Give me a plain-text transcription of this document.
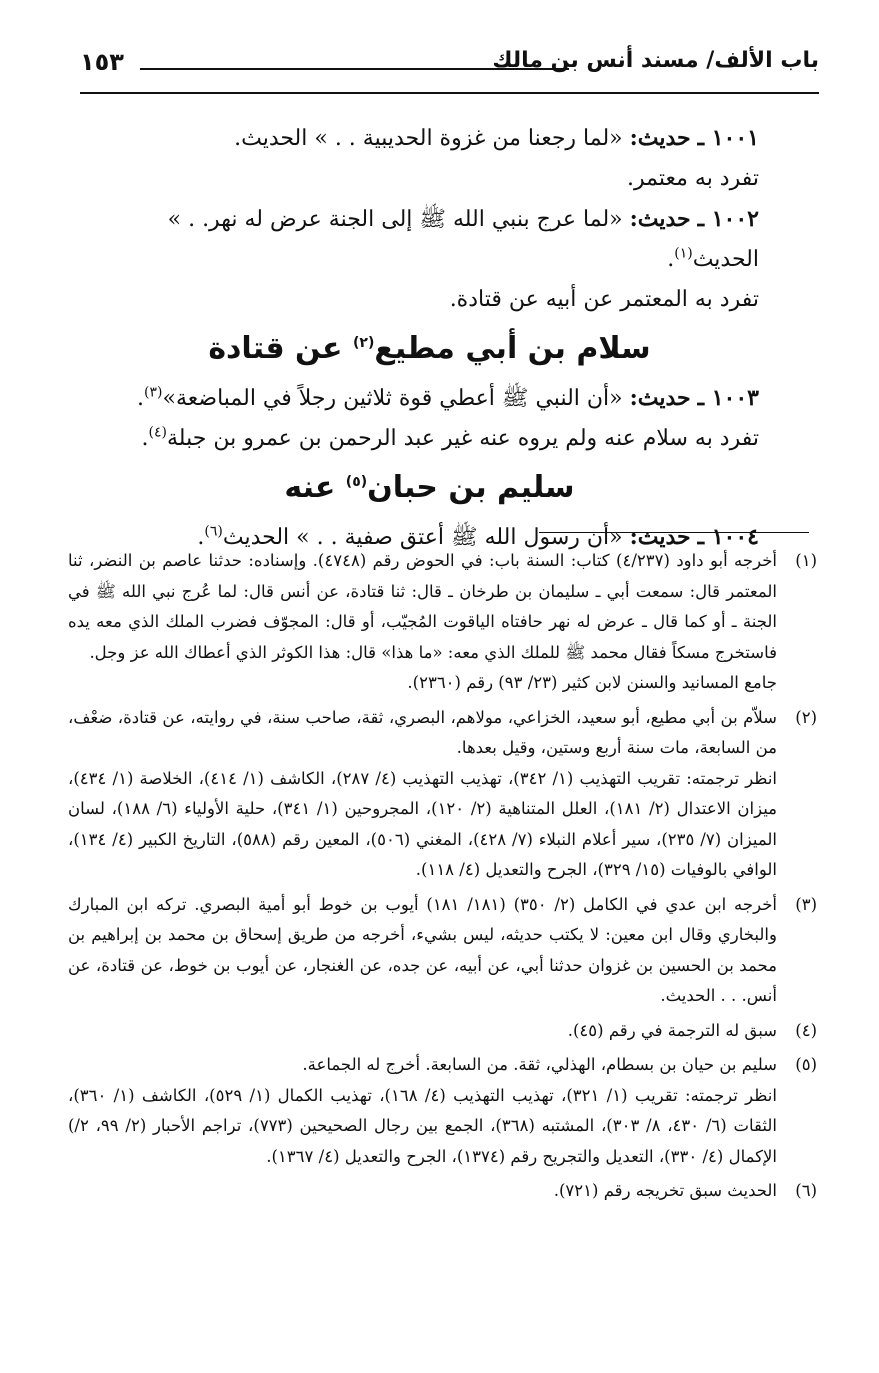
باب الألف/ مسند أنس بن مالك
١٥٣

١٠٠١ ـ حديث: «لما رجعنا من غزوة الحديبية . . » الحديث.

تفرد به معتمر.

١٠٠٢ ـ حديث: «لما عرج بنبي الله ﷺ إلى الجنة عرض له نهر. . » الحديث$^{(١)}$.

تفرد به المعتمر عن أبيه عن قتادة.

سلام بن أبي مطيع$^{(٢)}$ عن قتادة

١٠٠٣ ـ حديث: «أن النبي ﷺ أعطي قوة ثلاثين رجلاً في المباضعة»$^{(٣)}$.

تفرد به سلام عنه ولم يروه عنه غير عبد الرحمن بن عمرو بن جبلة$^{(٤)}$.

سليم بن حبان$^{(٥)}$ عنه

١٠٠٤ ـ حديث: «أن رسول الله ﷺ أعتق صفية . . » الحديث$^{(٦)}$.

(١)

أخرجه أبو داود (٤/٢٣٧) كتاب: السنة باب: في الحوض رقم (٤٧٤٨). وإسناده: حدثنا عاصم بن النضر، ثنا المعتمر قال: سمعت أبي ـ سليمان بن طرخان ـ قال: ثنا قتادة، عن أنس قال: لما عُرج نبي الله ﷺ في الجنة ـ أو كما قال ـ عرض له نهر حافتاه الياقوت المُجيّب، أو قال: المجوّف فضرب الملك الذي معه يده فاستخرج مسكاً فقال محمد ﷺ للملك الذي معه: «ما هذا» قال: هذا الكوثر الذي أعطاك الله عز وجل.

جامع المسانيد والسنن لابن كثير (٢٣/ ٩٣) رقم (٢٣٦٠).

(٢)

سلاّم بن أبي مطيع، أبو سعيد، الخزاعي، مولاهم، البصري، ثقة، صاحب سنة، في روايته، عن قتادة، ضعْف، من السابعة، مات سنة أربع وستين، وقيل بعدها.

انظر ترجمته: تقريب التهذيب (١/ ٣٤٢)، تهذيب التهذيب (٤/ ٢٨٧)، الكاشف (١/ ٤١٤)، الخلاصة (١/ ٤٣٤)، ميزان الاعتدال (٢/ ١٨١)، العلل المتناهية (٢/ ١٢٠)، المجروحين (١/ ٣٤١)، حلية الأولياء (٦/ ١٨٨)، لسان الميزان (٧/ ٢٣٥)، سير أعلام النبلاء (٧/ ٤٢٨)، المغني (٥٠٦)، المعين رقم (٥٨٨)، التاريخ الكبير (٤/ ١٣٤)، الوافي بالوفيات (١٥/ ٣٢٩)، الجرح والتعديل (٤/ ١١٨).

(٣)

أخرجه ابن عدي في الكامل (٢/ ٣٥٠) (١٨١/ ١٨١) أيوب بن خوط أبو أمية البصري. تركه ابن المبارك والبخاري وقال ابن معين: لا يكتب حديثه، ليس بشيء، أخرجه من طريق إسحاق بن محمد بن إبراهيم بن محمد بن الحسين بن غزوان حدثنا أبي، عن أبيه، عن جده، عن الغنجار، عن أيوب بن خوط، عن قتادة، عن أنس. . . الحديث.

(٤)

سبق له الترجمة في رقم (٤٥).

(٥)

سليم بن حيان بن بسطام، الهذلي، ثقة. من السابعة. أخرج له الجماعة.

انظر ترجمته: تقريب (١/ ٣٢١)، تهذيب التهذيب (٤/ ١٦٨)، تهذيب الكمال (١/ ٥٢٩)، الكاشف (١/ ٣٦٠)، الثقات (٦/ ٤٣٠، ٨/ ٣٠٣)، المشتبه (٣٦٨)، الجمع بين رجال الصحيحين (٧٧٣)، تراجم الأحبار (٢/ ٩٩، ٢/) الإكمال (٤/ ٣٣٠)، التعديل والتجريح رقم (١٣٧٤)، الجرح والتعديل (٤/ ١٣٦٧).

(٦)

الحديث سبق تخريجه رقم (٧٢١).
